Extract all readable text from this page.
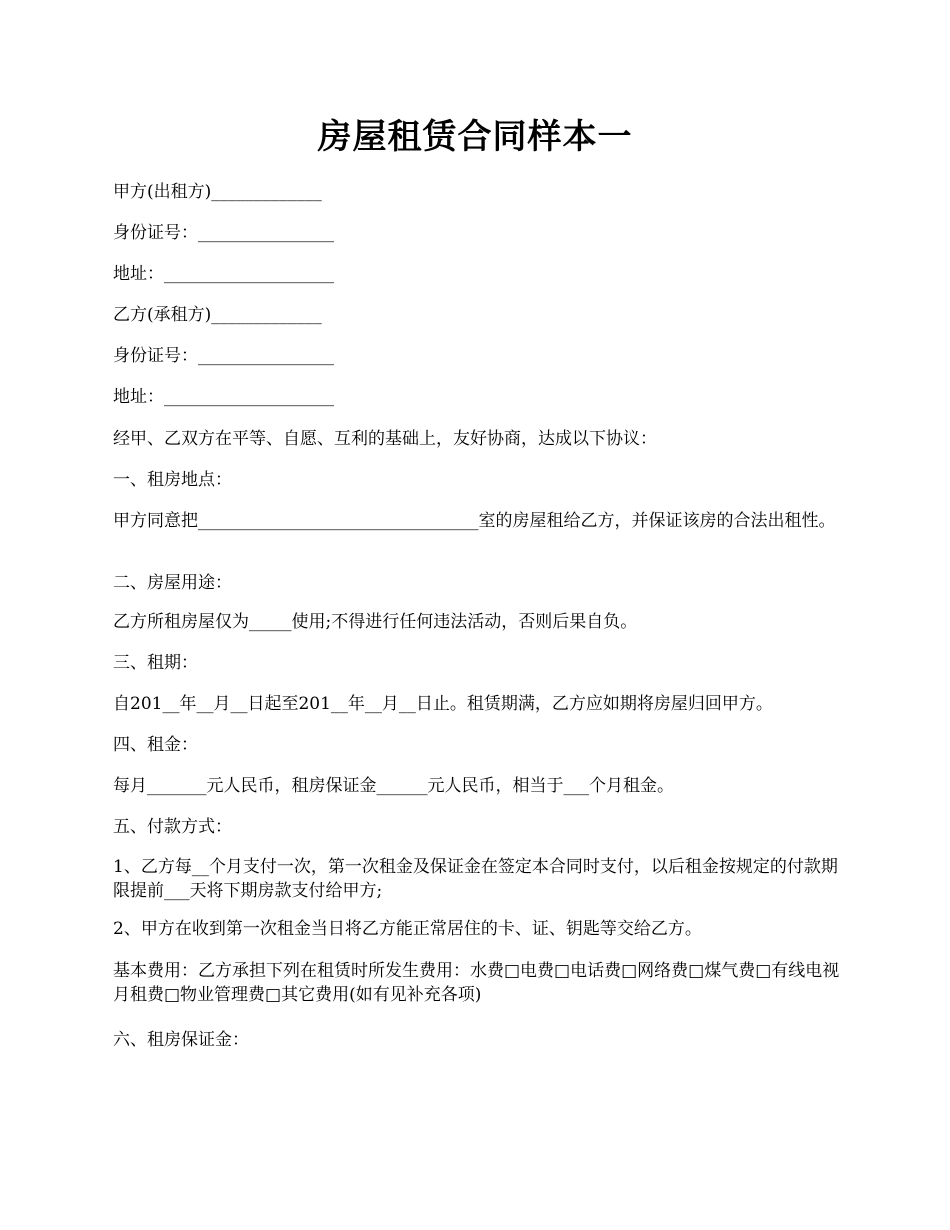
房屋租赁合同样本一
甲方(出租方)_____________
身份证号：________________
地址：____________________
乙方(承租方)_____________
身份证号：________________
地址：____________________
经甲、乙双方在平等、自愿、互利的基础上，友好协商，达成以下协议：
一、租房地点：
甲方同意把_________________________________室的房屋租给乙方，并保证该房的合法出租性。
二、房屋用途：
乙方所租房屋仅为_____使用;不得进行任何违法活动，否则后果自负。
三、租期：
自201__年__月__日起至201__年__月__日止。租赁期满，乙方应如期将房屋归回甲方。
四、租金：
每月_______元人民币，租房保证金______元人民币，相当于___个月租金。
五、付款方式：
1、乙方每__个月支付一次，第一次租金及保证金在签定本合同时支付，以后租金按规定的付款期限提前___天将下期房款支付给甲方;
2、甲方在收到第一次租金当日将乙方能正常居住的卡、证、钥匙等交给乙方。
基本费用：乙方承担下列在租赁时所发生费用：水费□电费□电话费□网络费□煤气费□有线电视月租费□物业管理费□其它费用(如有见补充各项)
六、租房保证金：
